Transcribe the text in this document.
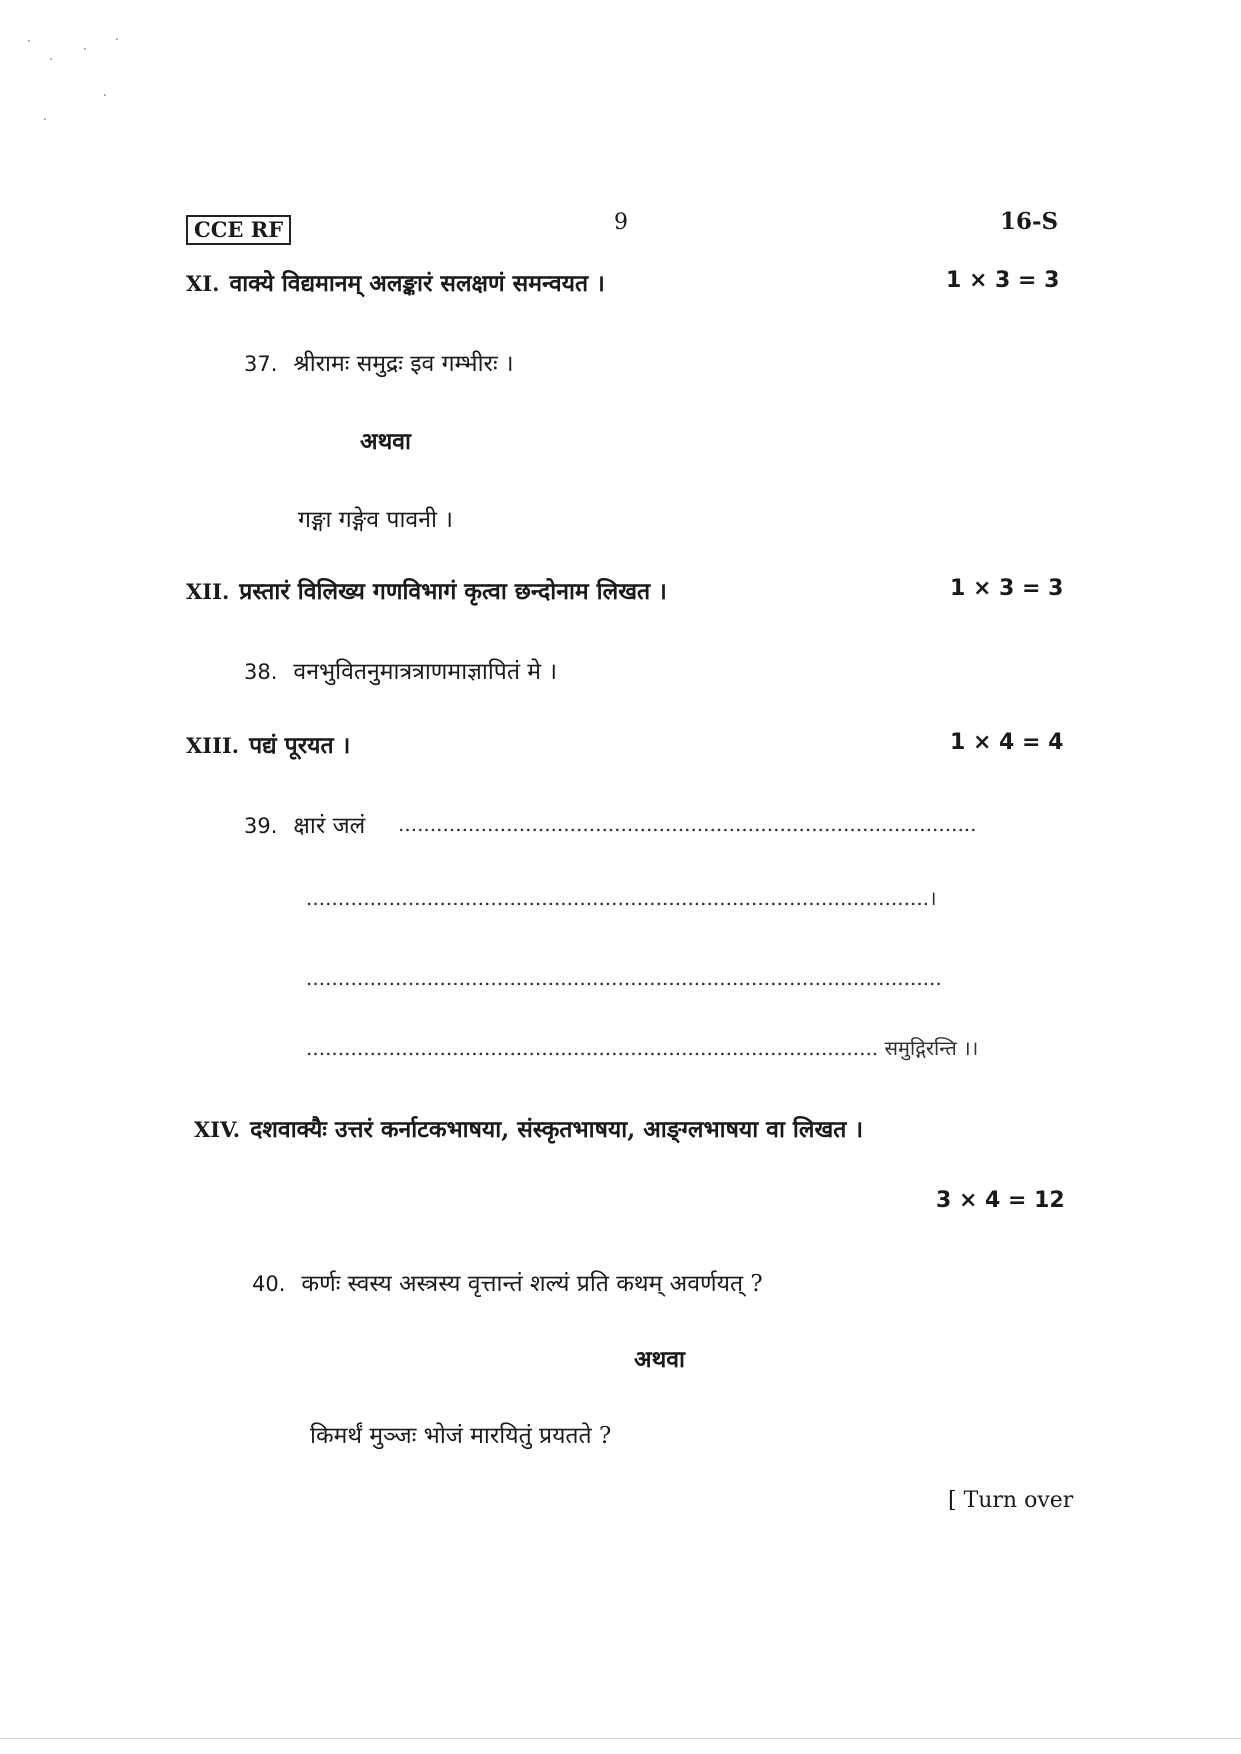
CCE RF	9	16-S
XI. वाक्ये विद्यमानम् अलङ्कारं सलक्षणं समन्वयत ।	1 × 3 = 3
37. श्रीरामः समुद्रः इव गम्भीरः ।
अथवा
गङ्गा गङ्गेव पावनी ।
XII. प्रस्तारं विलिख्य गणविभागं कृत्वा छन्दोनाम लिखत ।	1 × 3 = 3
38. वनभुवितनुमात्रत्राणमाज्ञापितं मे ।
XIII. पद्यं पूरयत ।	1 × 4 = 4
39. क्षारं जलं ...........................................................................................
..................................................................................................।
....................................................................................................
.......................................................................................... समुद्गिरन्ति ।।
XIV. दशवाक्यैः उत्तरं कर्नाटकभाषया, संस्कृतभाषया, आङ्ग्लभाषया वा लिखत ।
3 × 4 = 12
40. कर्णः स्वस्य अस्त्रस्य वृत्तान्तं शल्यं प्रति कथम् अवर्णयत् ?
अथवा
किमर्थं मुञ्जः भोजं मारयितुं प्रयतते ?
[ Turn over
